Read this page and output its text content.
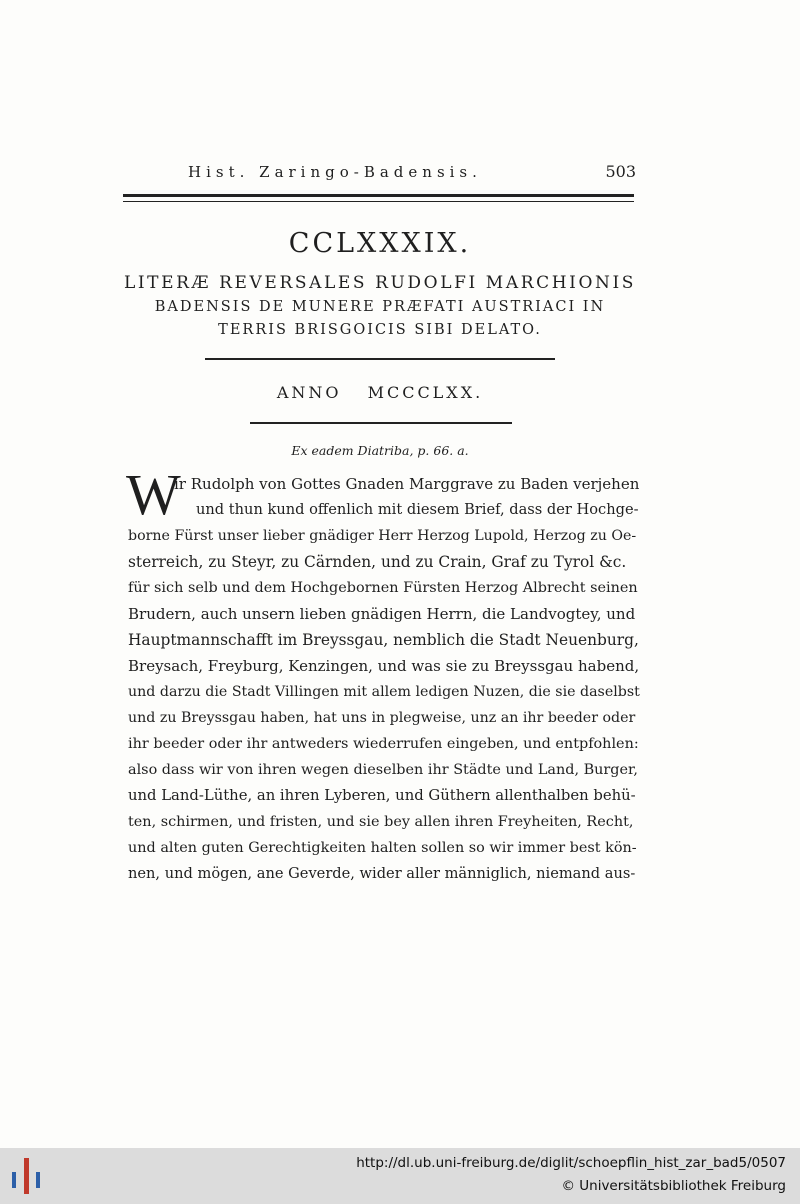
Hist. Zaringo-Badensis.	503
CCLXXXIX.
LITERÆ REVERSALES RUDOLFI MARCHIONIS
BADENSIS DE MUNERE PRÆFATI AUSTRIACI IN
TERRIS BRISGOICIS SIBI DELATO.
ANNO MCCCLXX.
Ex eadem Diatriba, p. 66. a.
W
ir Rudolph von Gottes Gnaden Marggrave zu Baden verjehen
und thun kund offenlich mit diesem Brief, dass der Hochge-
borne Fürst unser lieber gnädiger Herr Herzog Lupold, Herzog zu Oe-
sterreich, zu Steyr, zu Cärnden, und zu Crain, Graf zu Tyrol &c.
für sich selb und dem Hochgebornen Fürsten Herzog Albrecht seinen
Brudern, auch unsern lieben gnädigen Herrn, die Landvogtey, und
Hauptmannschafft im Breyssgau, nemblich die Stadt Neuenburg,
Breysach, Freyburg, Kenzingen, und was sie zu Breyssgau habend,
und darzu die Stadt Villingen mit allem ledigen Nuzen, die sie daselbst
und zu Breyssgau haben, hat uns in plegweise, unz an ihr beeder oder
ihr beeder oder ihr antweders wiederrufen eingeben, und entpfohlen:
also dass wir von ihren wegen dieselben ihr Städte und Land, Burger,
und Land-Lüthe, an ihren Lyberen, und Güthern allenthalben behü-
ten, schirmen, und fristen, und sie bey allen ihren Freyheiten, Recht,
und alten guten Gerechtigkeiten halten sollen so wir immer best kön-
nen, und mögen, ane Geverde, wider aller männiglich, niemand aus-
http://dl.ub.uni-freiburg.de/diglit/schoepflin_hist_zar_bad5/0507
© Universitätsbibliothek Freiburg
